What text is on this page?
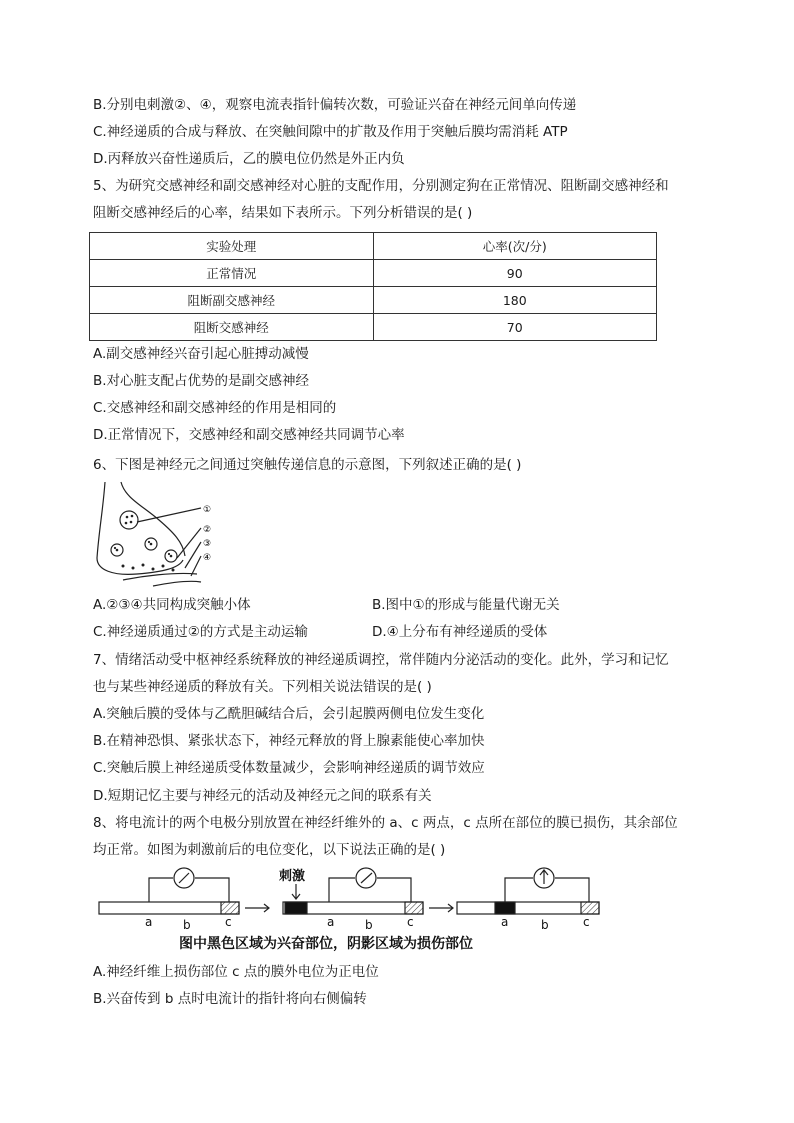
B.分别电刺激②、④，观察电流表指针偏转次数，可验证兴奋在神经元间单向传递
C.神经递质的合成与释放、在突触间隙中的扩散及作用于突触后膜均需消耗 ATP
D.丙释放兴奋性递质后，乙的膜电位仍然是外正内负
5、为研究交感神经和副交感神经对心脏的支配作用，分别测定狗在正常情况、阻断副交感神经和
阻断交感神经后的心率，结果如下表所示。下列分析错误的是( )
实验处理	心率(次/分)
正常情况	90
阻断副交感神经	180
阻断交感神经	70
A.副交感神经兴奋引起心脏搏动减慢
B.对心脏支配占优势的是副交感神经
C.交感神经和副交感神经的作用是相同的
D.正常情况下，交感神经和副交感神经共同调节心率
6、下图是神经元之间通过突触传递信息的示意图，下列叙述正确的是( )
①
②
③
④
A.②③④共同构成突触小体	B.图中①的形成与能量代谢无关
C.神经递质通过②的方式是主动运输	D.④上分布有神经递质的受体
7、情绪活动受中枢神经系统释放的神经递质调控，常伴随内分泌活动的变化。此外，学习和记忆
也与某些神经递质的释放有关。下列相关说法错误的是( )
A.突触后膜的受体与乙酰胆碱结合后，会引起膜两侧电位发生变化
B.在精神恐惧、紧张状态下，神经元释放的肾上腺素能使心率加快
C.突触后膜上神经递质受体数量减少，会影响神经递质的调节效应
D.短期记忆主要与神经元的活动及神经元之间的联系有关
8、将电流计的两个电极分别放置在神经纤维外的 a、c 两点，c 点所在部位的膜已损伤，其余部位
均正常。如图为刺激前后的电位变化，以下说法正确的是( )
刺激
a	b	c	a	b	c	a	b	c
图中黑色区域为兴奋部位，阴影区域为损伤部位
A.神经纤维上损伤部位 c 点的膜外电位为正电位
B.兴奋传到 b 点时电流计的指针将向右侧偏转
